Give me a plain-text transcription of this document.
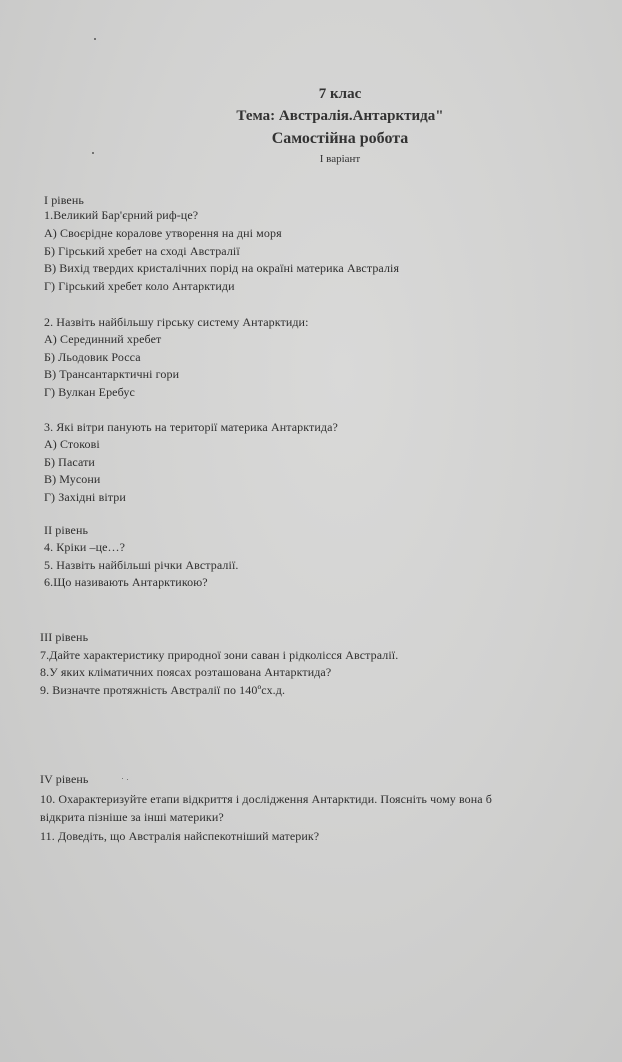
7 клас
Тема: Австралія.Антарктида"
Самостійна робота
І варіант
І рівень
1.Великий Бар'єрний риф-це?
А) Своєрідне коралове утворення на дні моря
Б) Гірський хребет на сході Австралії
В) Вихід твердих кристалічних порід на окраїні материка Австралія
Г) Гірський хребет коло Антарктиди
2. Назвіть найбільшу гірську систему Антарктиди:
А) Серединний хребет
Б) Льодовик Росса
В) Трансантарктичні гори
Г) Вулкан Еребус
3. Які вітри панують на території материка Антарктида?
А) Стокові
Б) Пасати
В) Мусони
Г) Західні вітри
ІІ рівень
4. Кріки –це…?
5. Назвіть найбільші річки Австралії.
6.Що називають Антарктикою?
ІІІ рівень
7.Дайте характеристику природної зони саван і рідколісся Австралії.
8.У яких кліматичних поясах розташована Антарктида?
9. Визначте протяжність Австралії по 140ºсх.д.
ІV рівень
10. Охарактеризуйте етапи відкриття і дослідження Антарктиди. Поясніть чому вона б
відкрита пізніше за інші материки?
11. Доведіть, що Австралія найспекотніший материк?
